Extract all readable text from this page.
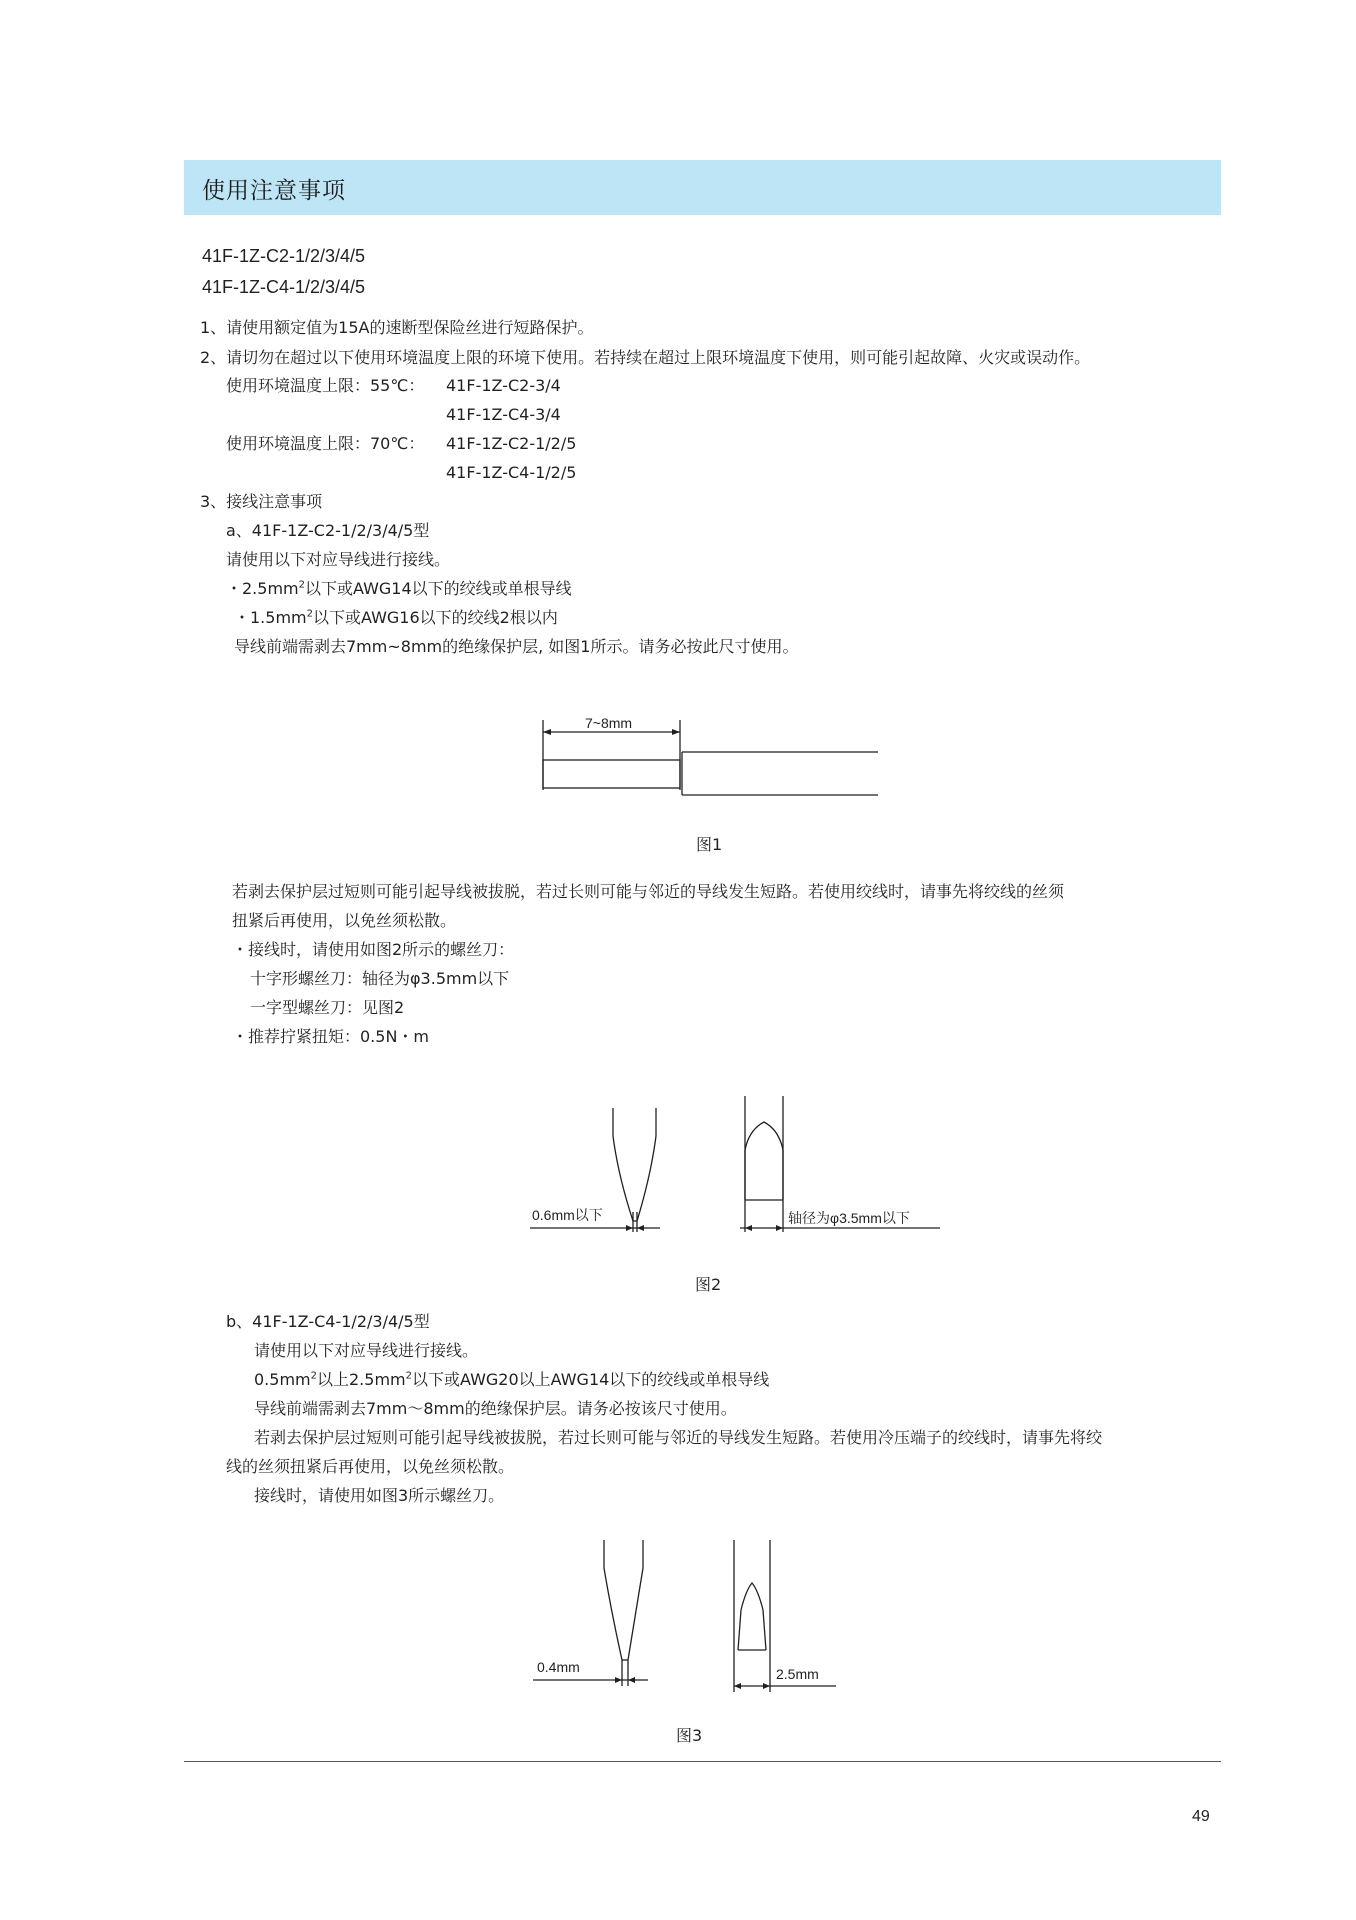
使用注意事项
41F-1Z-C2-1/2/3/4/5
41F-1Z-C4-1/2/3/4/5
1、请使用额定值为15A的速断型保险丝进行短路保护。
2、请切勿在超过以下使用环境温度上限的环境下使用。若持续在超过上限环境温度下使用，则可能引起故障、火灾或误动作。
使用环境温度上限：55℃： 41F-1Z-C2-3/4
41F-1Z-C4-3/4
使用环境温度上限：70℃： 41F-1Z-C2-1/2/5
41F-1Z-C4-1/2/5
3、接线注意事项
a、41F-1Z-C2-1/2/3/4/5型
请使用以下对应导线进行接线。
・$2.5mm^2$以下或AWG14以下的绞线或单根导线
・$1.5mm^2$以下或AWG16以下的绞线2根以内
导线前端需剥去7mm~8mm的绝缘保护层, 如图1所示。请务必按此尺寸使用。
若剥去保护层过短则可能引起导线被拔脱，若过长则可能与邻近的导线发生短路。若使用绞线时，请事先将绞线的丝须
扭紧后再使用，以免丝须松散。
・接线时，请使用如图2所示的螺丝刀：
十字形螺丝刀：轴径为φ3.5mm以下
一字型螺丝刀：见图2
・推荐拧紧扭矩：0.5N・m
b、41F-1Z-C4-1/2/3/4/5型
请使用以下对应导线进行接线。
$0.5mm^2$以上$2.5mm^2$以下或AWG20以上AWG14以下的绞线或单根导线
导线前端需剥去7mm～8mm的绝缘保护层。请务必按该尺寸使用。
若剥去保护层过短则可能引起导线被拔脱，若过长则可能与邻近的导线发生短路。若使用冷压端子的绞线时，请事先将绞
线的丝须扭紧后再使用，以免丝须松散。
接线时，请使用如图3所示螺丝刀。
7~8mm
0.6mm以下	轴径为φ3.5mm以下
0.4mm	2.5mm
图1
图2
图3
49
